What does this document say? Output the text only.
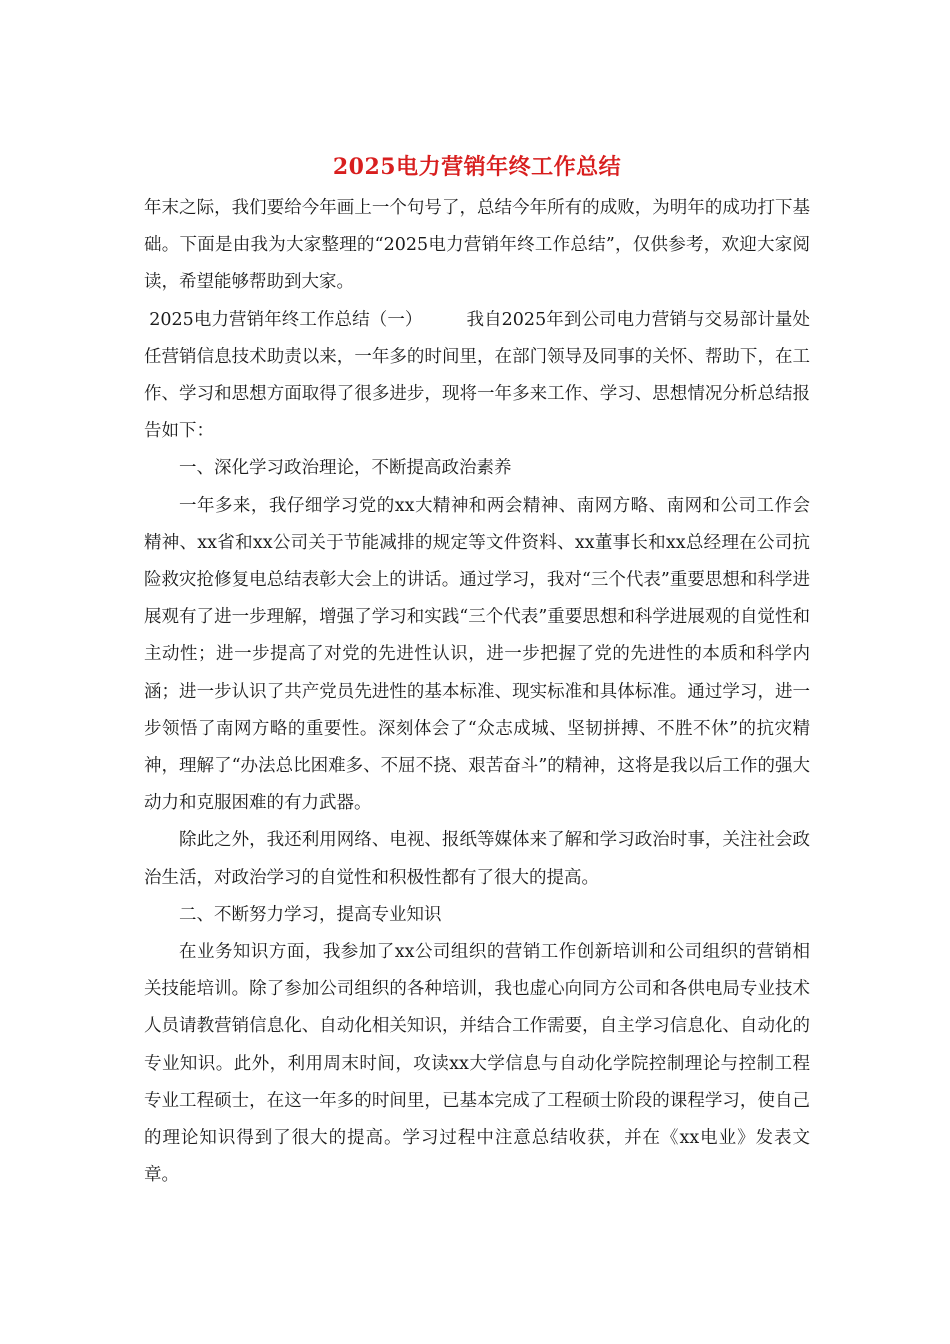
2025电力营销年终工作总结

年末之际，我们要给今年画上一个句号了，总结今年所有的成败，为明年的成功打下基础。下面是由我为大家整理的“2025电力营销年终工作总结”，仅供参考，欢迎大家阅读，希望能够帮助到大家。

2025电力营销年终工作总结（一）　　　我自2025年到公司电力营销与交易部计量处任营销信息技术助责以来，一年多的时间里，在部门领导及同事的关怀、帮助下，在工作、学习和思想方面取得了很多进步，现将一年多来工作、学习、思想情况分析总结报告如下：

一、深化学习政治理论，不断提高政治素养

一年多来，我仔细学习党的xx大精神和两会精神、南网方略、南网和公司工作会精神、xx省和xx公司关于节能减排的规定等文件资料、xx董事长和xx总经理在公司抗险救灾抢修复电总结表彰大会上的讲话。通过学习，我对“三个代表”重要思想和科学进展观有了进一步理解，增强了学习和实践“三个代表”重要思想和科学进展观的自觉性和主动性；进一步提高了对党的先进性认识，进一步把握了党的先进性的本质和科学内涵；进一步认识了共产党员先进性的基本标准、现实标准和具体标准。通过学习，进一步领悟了南网方略的重要性。深刻体会了“众志成城、坚韧拼搏、不胜不休”的抗灾精神，理解了“办法总比困难多、不屈不挠、艰苦奋斗”的精神，这将是我以后工作的强大动力和克服困难的有力武器。

除此之外，我还利用网络、电视、报纸等媒体来了解和学习政治时事，关注社会政治生活，对政治学习的自觉性和积极性都有了很大的提高。

二、不断努力学习，提高专业知识

在业务知识方面，我参加了xx公司组织的营销工作创新培训和公司组织的营销相关技能培训。除了参加公司组织的各种培训，我也虚心向同方公司和各供电局专业技术人员请教营销信息化、自动化相关知识，并结合工作需要，自主学习信息化、自动化的专业知识。此外，利用周末时间，攻读xx大学信息与自动化学院控制理论与控制工程专业工程硕士，在这一年多的时间里，已基本完成了工程硕士阶段的课程学习，使自己的理论知识得到了很大的提高。学习过程中注意总结收获，并在《xx电业》发表文章。
